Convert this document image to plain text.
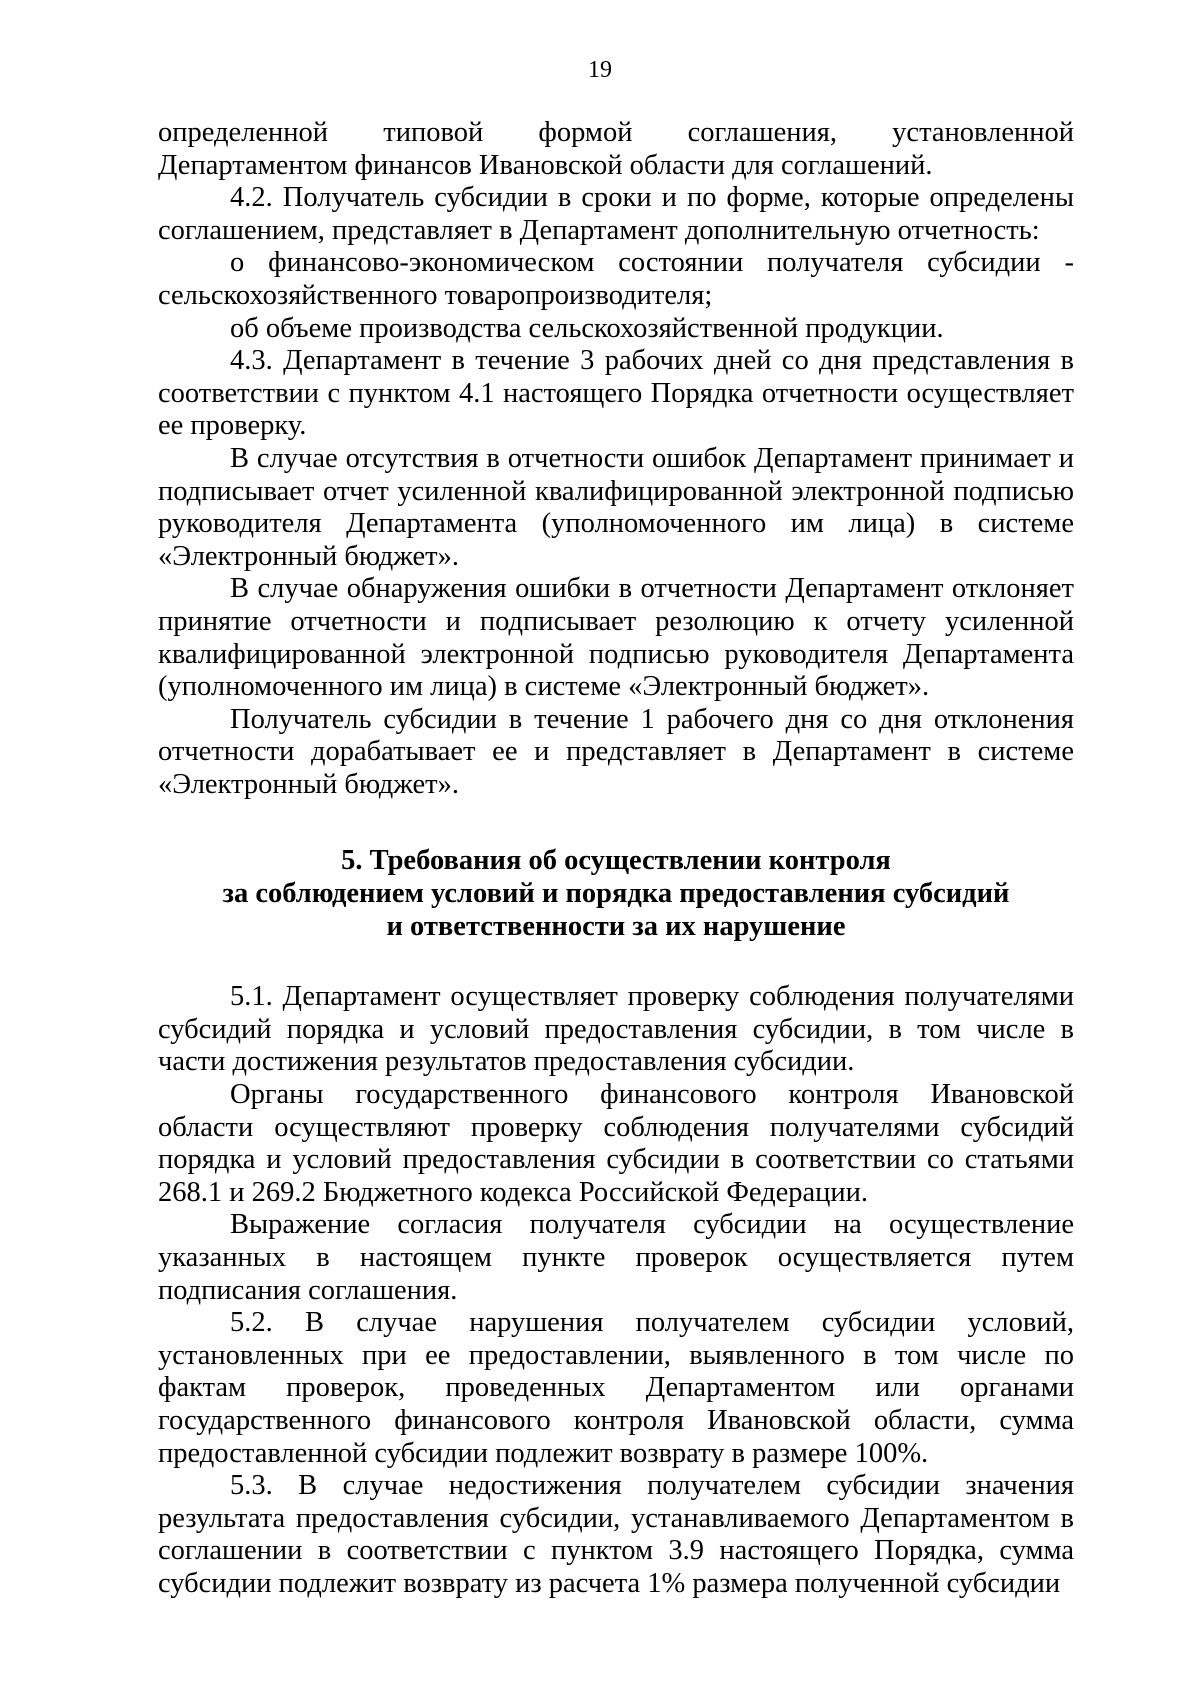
19

определенной типовой формой соглашения, установленной Департаментом финансов Ивановской области для соглашений.

4.2. Получатель субсидии в сроки и по форме, которые определены соглашением, представляет в Департамент дополнительную отчетность:

о финансово-экономическом состоянии получателя субсидии - сельскохозяйственного товаропроизводителя;

об объеме производства сельскохозяйственной продукции.

4.3. Департамент в течение 3 рабочих дней со дня представления в соответствии с пунктом 4.1 настоящего Порядка отчетности осуществляет ее проверку.

В случае отсутствия в отчетности ошибок Департамент принимает и подписывает отчет усиленной квалифицированной электронной подписью руководителя Департамента (уполномоченного им лица) в системе «Электронный бюджет».

В случае обнаружения ошибки в отчетности Департамент отклоняет принятие отчетности и подписывает резолюцию к отчету усиленной квалифицированной электронной подписью руководителя Департамента (уполномоченного им лица) в системе «Электронный бюджет».

Получатель субсидии в течение 1 рабочего дня со дня отклонения отчетности дорабатывает ее и представляет в Департамент в системе «Электронный бюджет».

5. Требования об осуществлении контроля
за соблюдением условий и порядка предоставления субсидий
и ответственности за их нарушение

5.1. Департамент осуществляет проверку соблюдения получателями субсидий порядка и условий предоставления субсидии, в том числе в части достижения результатов предоставления субсидии.

Органы государственного финансового контроля Ивановской области осуществляют проверку соблюдения получателями субсидий порядка и условий предоставления субсидии в соответствии со статьями 268.1 и 269.2 Бюджетного кодекса Российской Федерации.

Выражение согласия получателя субсидии на осуществление указанных в настоящем пункте проверок осуществляется путем подписания соглашения.

5.2. В случае нарушения получателем субсидии условий, установленных при ее предоставлении, выявленного в том числе по фактам проверок, проведенных Департаментом или органами государственного финансового контроля Ивановской области, сумма предоставленной субсидии подлежит возврату в размере 100%.

5.3. В случае недостижения получателем субсидии значения результата предоставления субсидии, устанавливаемого Департаментом в соглашении в соответствии с пунктом 3.9 настоящего Порядка, сумма субсидии подлежит возврату из расчета 1% размера полученной субсидии
